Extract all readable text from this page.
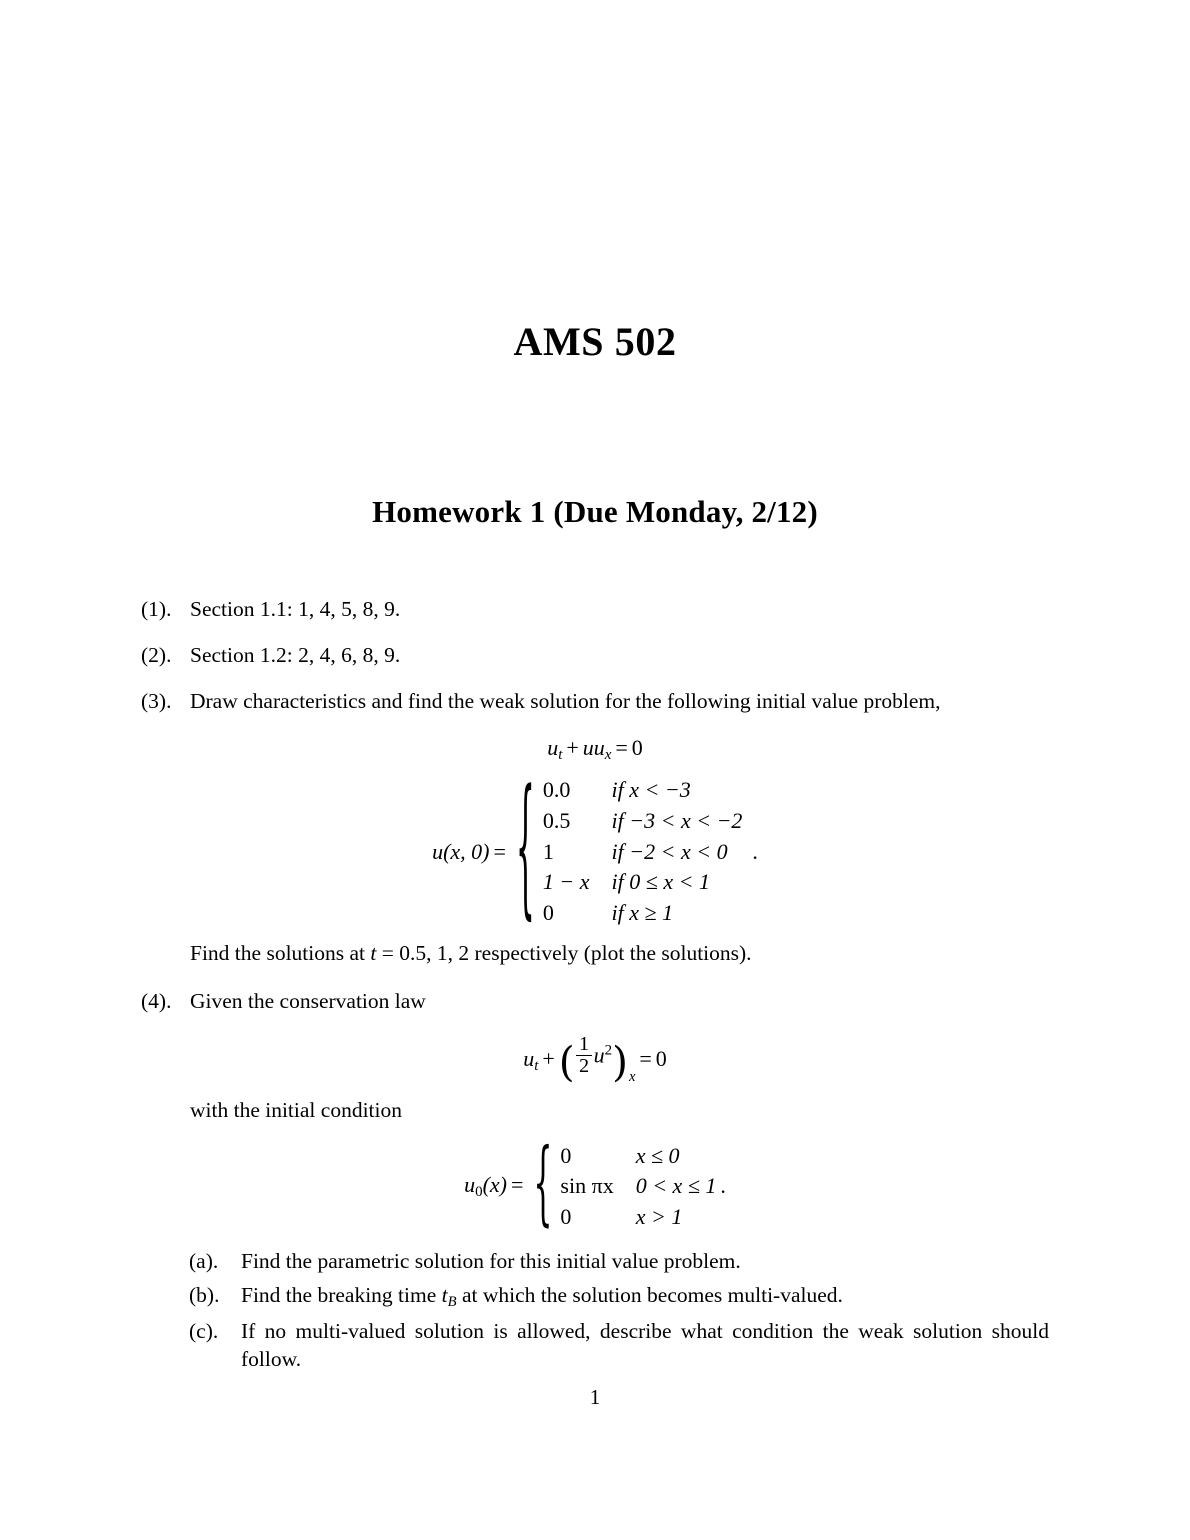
AMS 502
Homework 1 (Due Monday, 2/12)
(1). Section 1.1: 1, 4, 5, 8, 9.
(2). Section 1.2: 2, 4, 6, 8, 9.
(3). Draw characteristics and find the weak solution for the following initial value problem,
$u_t + uu_x = 0$
u(x, 0) = { 0.0	if x < −3
0.5	if −3 < x < −2
1	if −2 < x < 0
1 − x	if 0 ≤ x < 1
0	if x ≥ 1
.
Find the solutions at t = 0.5, 1, 2 respectively (plot the solutions).
(4). Given the conservation law
$u_t$ +( $\frac{1}{2} u^2)x= 0$
with the initial condition
$u_0(x)$ = { 0	x ≤ 0
sin πx	0 < x ≤ 1
0	x > 1
.
(a).	Find the parametric solution for this initial value problem.
(b).	Find the breaking time $t_B$ at which the solution becomes multi-valued.
(c).	If no multi-valued solution is allowed, describe what condition the weak solution should follow.
1
